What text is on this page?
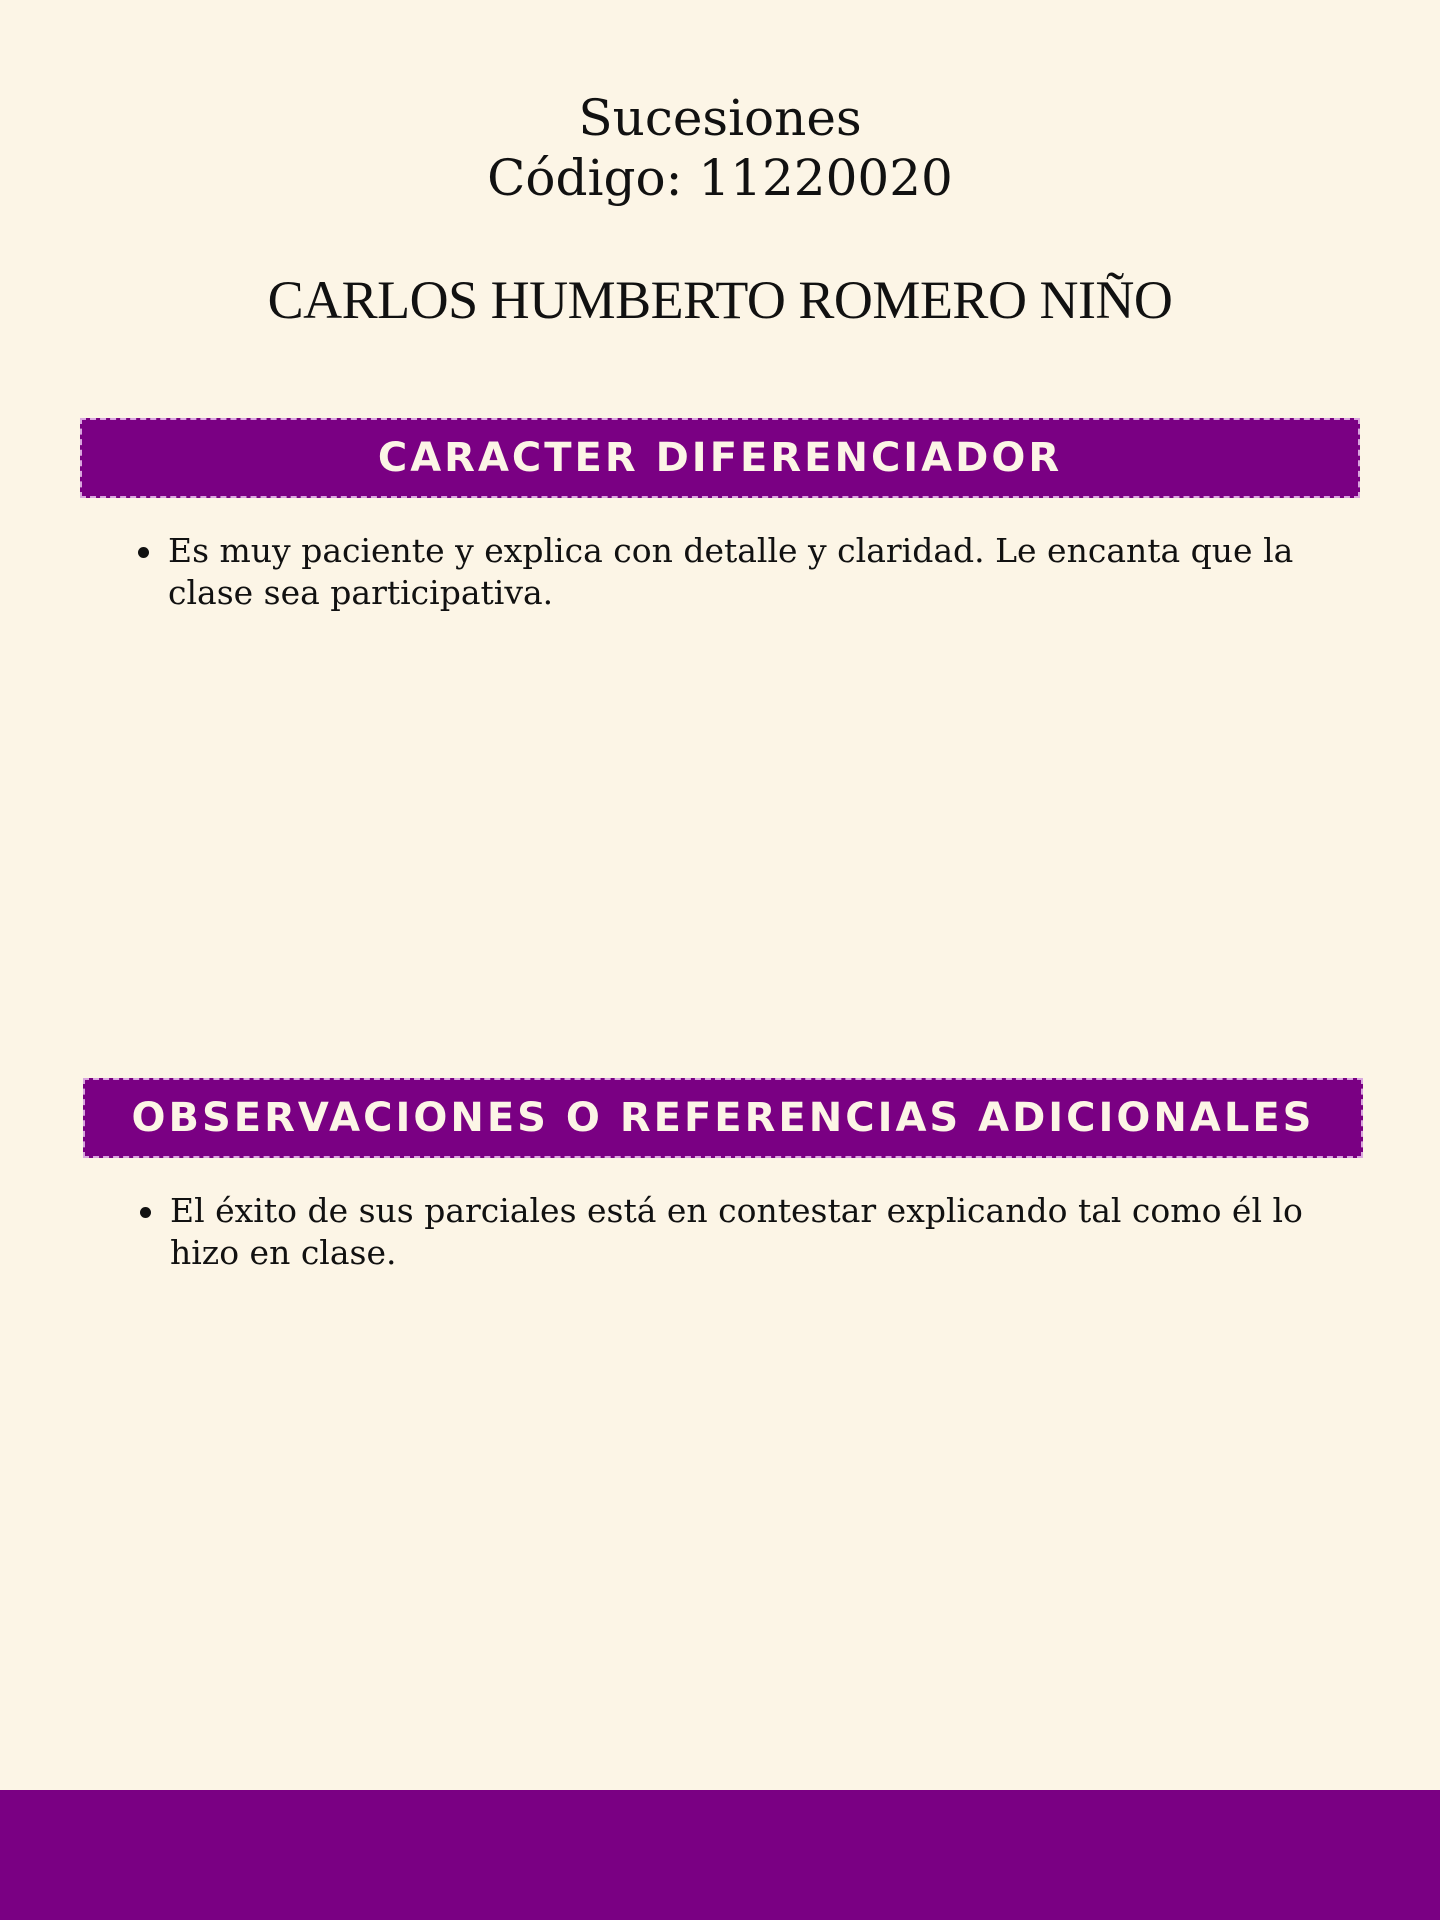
Sucesiones
Código: 11220020
CARLOS HUMBERTO ROMERO NIÑO
CARACTER DIFERENCIADOR
Es muy paciente y explica con detalle y claridad. Le encanta que la clase sea participativa.
OBSERVACIONES O REFERENCIAS ADICIONALES
El éxito de sus parciales está en contestar explicando tal como él lo hizo en clase.
